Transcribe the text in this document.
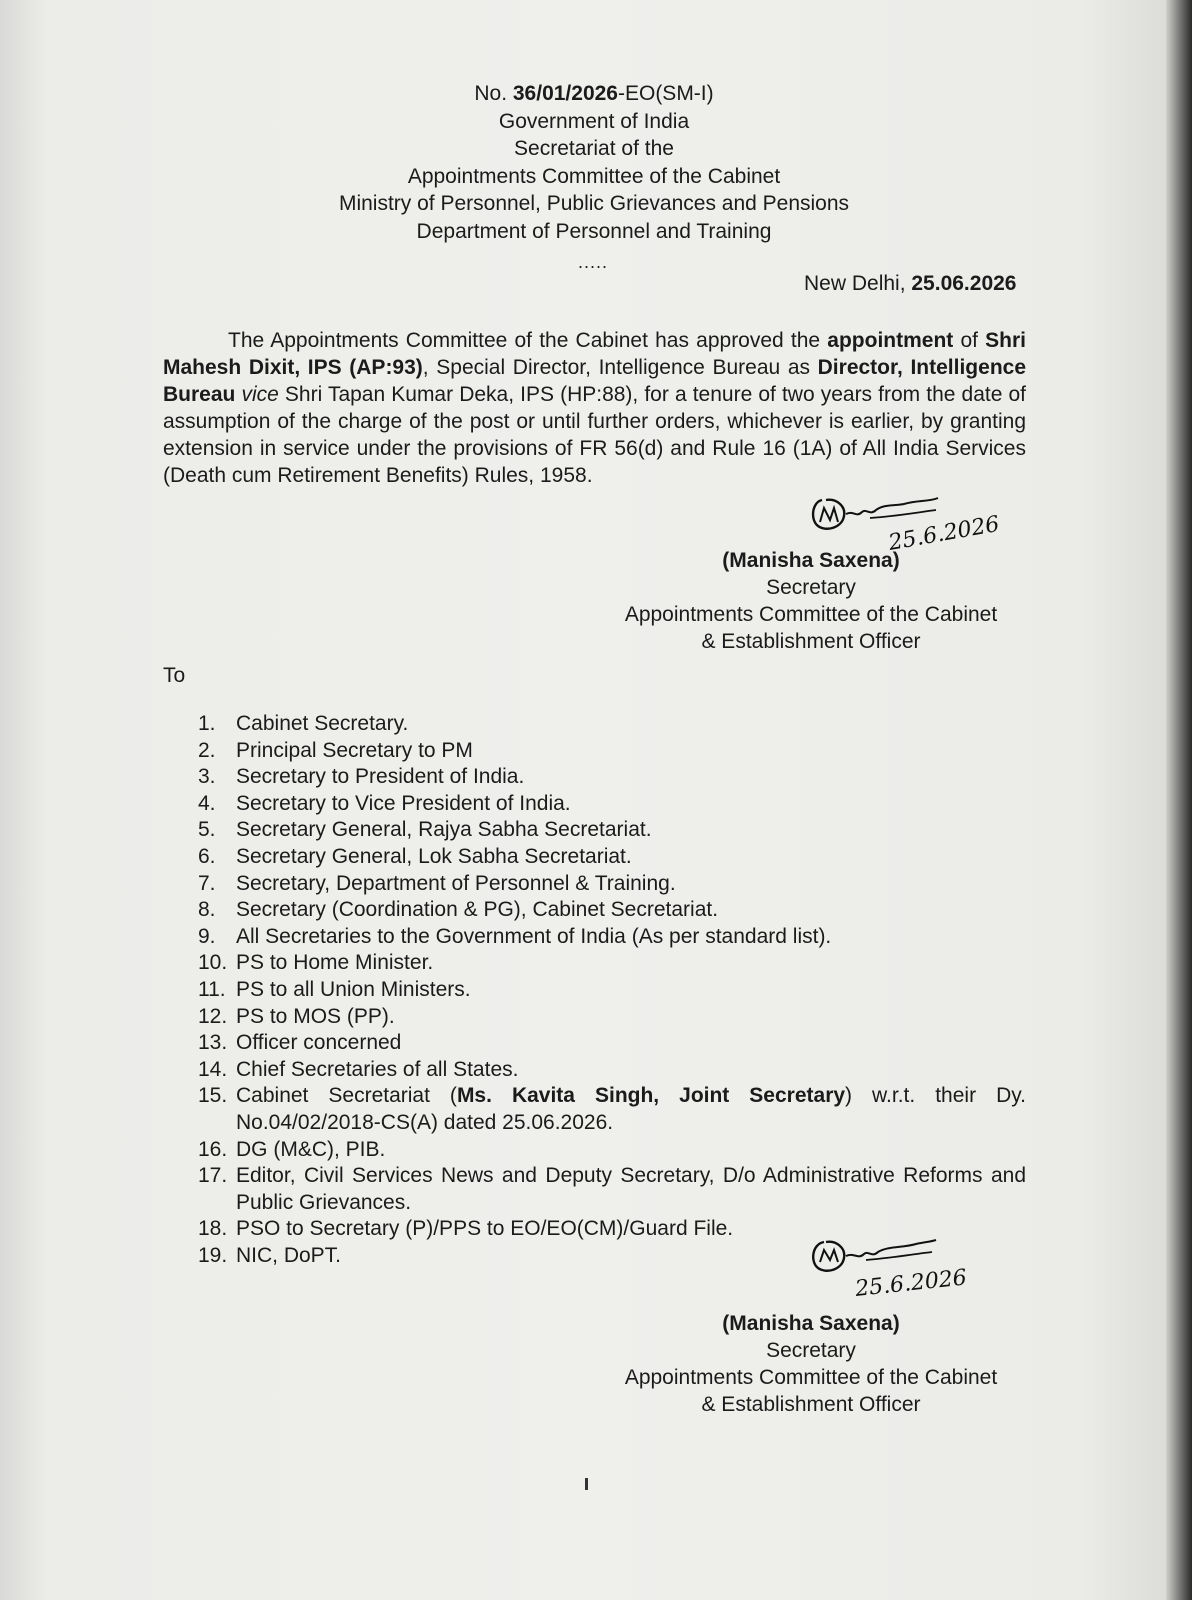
No. 36/01/2026-EO(SM-I)
Government of India
Secretariat of the
Appointments Committee of the Cabinet
Ministry of Personnel, Public Grievances and Pensions
Department of Personnel and Training
.....
New Delhi, 25.06.2026
The Appointments Committee of the Cabinet has approved the appointment of Shri Mahesh Dixit, IPS (AP:93), Special Director, Intelligence Bureau as Director, Intelligence Bureau vice Shri Tapan Kumar Deka, IPS (HP:88), for a tenure of two years from the date of assumption of the charge of the post or until further orders, whichever is earlier, by granting extension in service under the provisions of FR 56(d) and Rule 16 (1A) of All India Services (Death cum Retirement Benefits) Rules, 1958.
25.6.2026
(Manisha Saxena)
Secretary
Appointments Committee of the Cabinet
& Establishment Officer
To
1. Cabinet Secretary.
2. Principal Secretary to PM
3. Secretary to President of India.
4. Secretary to Vice President of India.
5. Secretary General, Rajya Sabha Secretariat.
6. Secretary General, Lok Sabha Secretariat.
7. Secretary, Department of Personnel & Training.
8. Secretary (Coordination & PG), Cabinet Secretariat.
9. All Secretaries to the Government of India (As per standard list).
10. PS to Home Minister.
11. PS to all Union Ministers.
12. PS to MOS (PP).
13. Officer concerned
14. Chief Secretaries of all States.
15. Cabinet Secretariat (Ms. Kavita Singh, Joint Secretary) w.r.t. their Dy. No.04/02/2018-CS(A) dated 25.06.2026.
16. DG (M&C), PIB.
17. Editor, Civil Services News and Deputy Secretary, D/o Administrative Reforms and Public Grievances.
18. PSO to Secretary (P)/PPS to EO/EO(CM)/Guard File.
19. NIC, DoPT.
25.6.2026
(Manisha Saxena)
Secretary
Appointments Committee of the Cabinet
& Establishment Officer
